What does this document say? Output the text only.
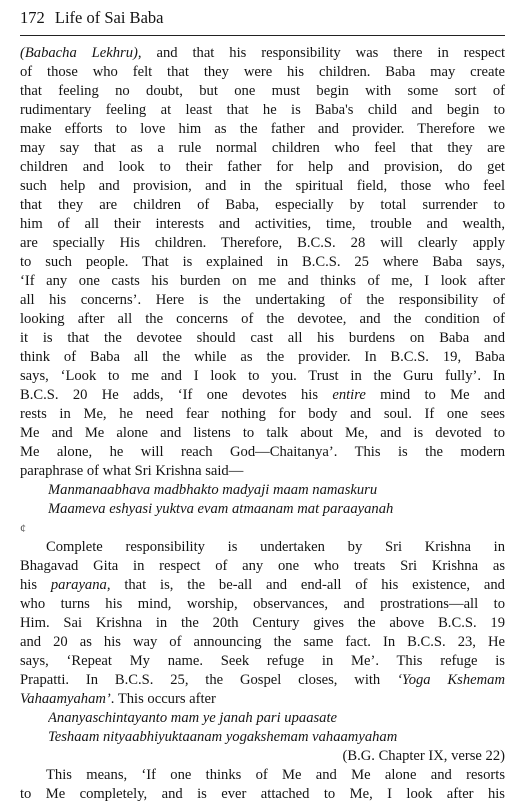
172 Life of Sai Baba
(Babacha Lekhru), and that his responsibility was there in respect
of those who felt that they were his children. Baba may create
that feeling no doubt, but one must begin with some sort of
rudimentary feeling at least that he is Baba's child and begin to
make efforts to love him as the father and provider. Therefore we
may say that as a rule normal children who feel that they are
children and look to their father for help and provision, do get
such help and provision, and in the spiritual field, those who feel
that they are children of Baba, especially by total surrender to
him of all their interests and activities, time, trouble and wealth,
are specially His children. Therefore, B.C.S. 28 will clearly apply
to such people. That is explained in B.C.S. 25 where Baba says,
‘If any one casts his burden on me and thinks of me, I look after
all his concerns’. Here is the undertaking of the responsibility of
looking after all the concerns of the devotee, and the condition of
it is that the devotee should cast all his burdens on Baba and
think of Baba all the while as the provider. In B.C.S. 19, Baba
says, ‘Look to me and I look to you. Trust in the Guru fully’. In
B.C.S. 20 He adds, ‘If one devotes his entire mind to Me and
rests in Me, he need fear nothing for body and soul. If one sees
Me and Me alone and listens to talk about Me, and is devoted to
Me alone, he will reach God—Chaitanya’. This is the modern
paraphrase of what Sri Krishna said—
Manmanaabhava madbhakto madyaji maam namaskuru
Maameva eshyasi yuktva evam atmaanam mat paraayanah
¢
Complete responsibility is undertaken by Sri Krishna in
Bhagavad Gita in respect of any one who treats Sri Krishna as
his parayana, that is, the be-all and end-all of his existence, and
who turns his mind, worship, observances, and prostrations—all to
Him. Sai Krishna in the 20th Century gives the above B.C.S. 19
and 20 as his way of announcing the same fact. In B.C.S. 23, He
says, ‘Repeat My name. Seek refuge in Me’. This refuge is
Prapatti. In B.C.S. 25, the Gospel closes, with ‘Yoga Kshemam
Vahaamyaham’. This occurs after
Ananyaschintayanto mam ye janah pari upaasate
Teshaam nityaabhiyuktaanam yogakshemam vahaamyaham
(B.G. Chapter IX, verse 22)
This means, ‘If one thinks of Me and Me alone and resorts
to Me completely, and is ever attached to Me, I look after his
